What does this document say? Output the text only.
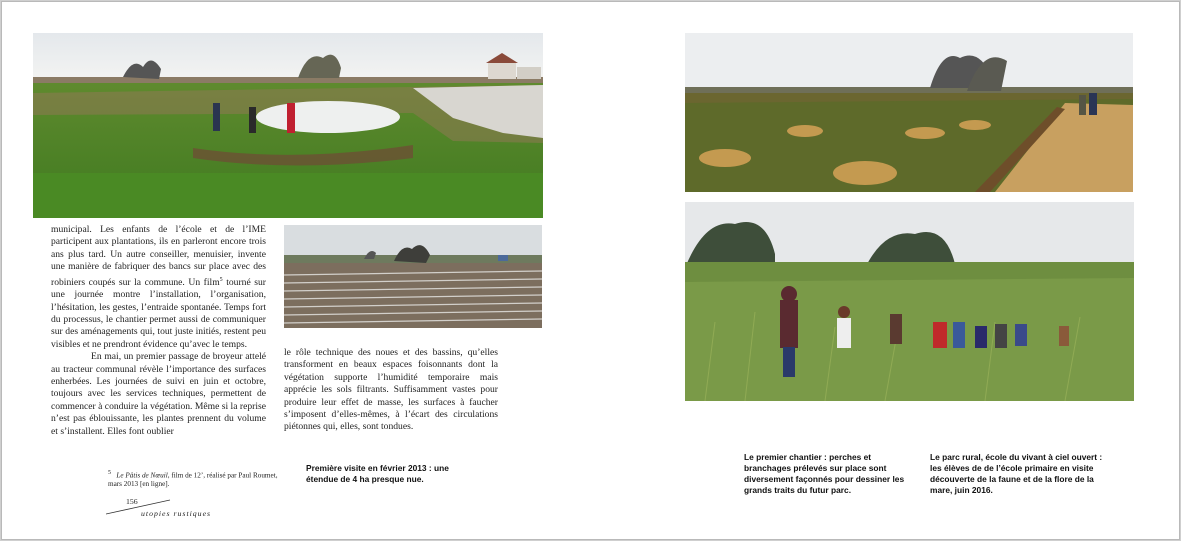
municipal. Les enfants de l’école et de l’IME participent aux plantations, ils en parleront encore trois ans plus tard. Un autre conseiller, menuisier, invente une manière de fabriquer des bancs sur place avec des robiniers coupés sur la commune. Un film$^5$ tourné sur une journée montre l’installation, l’organisation, l’hésitation, les gestes, l’entraide spontanée. Temps fort du processus, le chantier permet aussi de communiquer sur des aménagements qui, tout juste initiés, restent peu visibles et ne prendront évidence qu’avec le temps.

En mai, un premier passage de broyeur attelé au tracteur communal révèle l’importance des surfaces enherbées. Les journées de suivi en juin et octobre, toujours avec les services techniques, permettent de commencer à conduire la végétation. Même si la reprise n’est pas éblouissante, les plantes prennent du volume et s’installent. Elles font oublier

le rôle technique des noues et des bassins, qu’elles transforment en beaux espaces foisonnants dont la végétation supporte l’humidité temporaire mais apprécie les sols filtrants. Suffisamment vastes pour produire leur effet de masse, les surfaces à faucher s’imposent d’elles-mêmes, à l’écart des circulations piétonnes qui, elles, sont tondues.
Première visite en février 2013 : une étendue de 4 ha presque nue.
$^5$ Le Pâtis de Nœuil, film de 12’, réalisé par Paul Roumet, mars 2013 [en ligne].
156
utopies rustiques
Le premier chantier : perches et branchages prélevés sur place sont diversement façonnés pour dessiner les grands traits du futur parc.
Le parc rural, école du vivant à ciel ouvert : les élèves de de l’école primaire en visite découverte de la faune et de la flore de la mare, juin 2016.
